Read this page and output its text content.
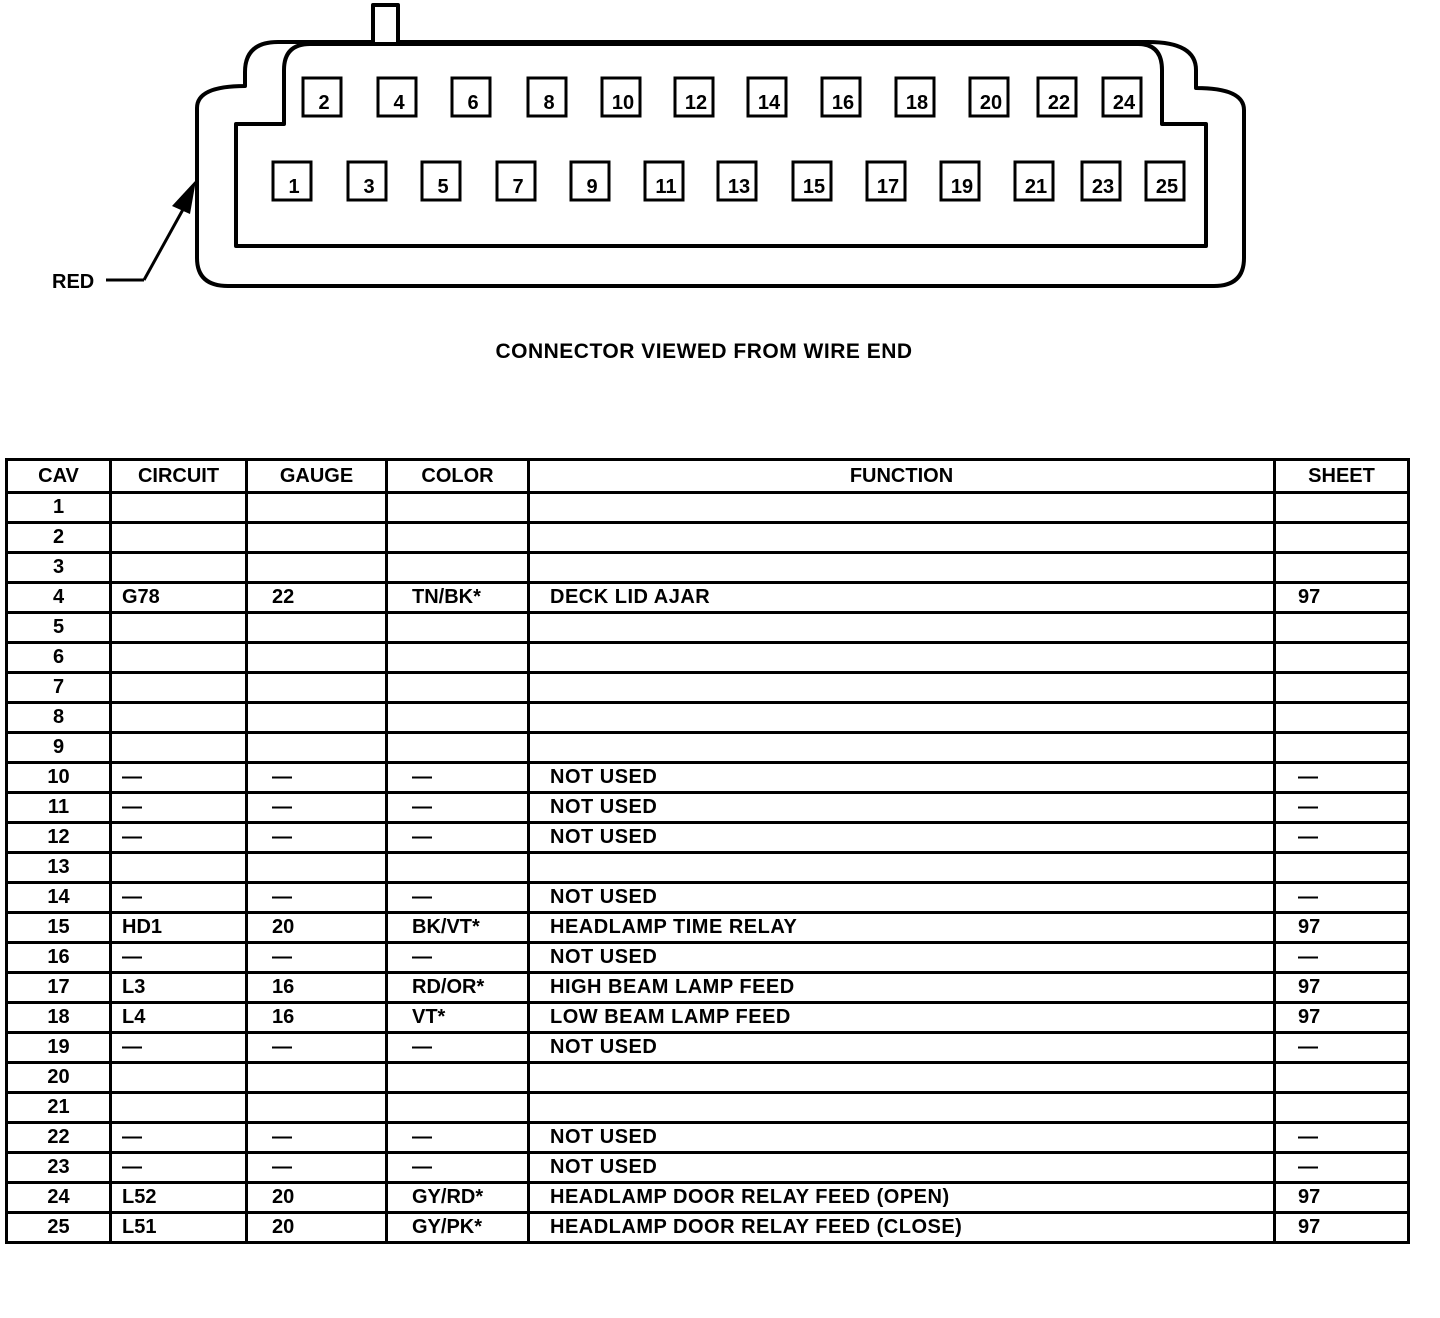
RED
2	4	6	8	10	12	14	16	18	20 22 24
1	3	5	7	9	11	13	15	17	19	21 23 25
CONNECTOR VIEWED FROM WIRE END
CAV	CIRCUIT	GAUGE	COLOR	FUNCTION	SHEET
1					
2					
3					
4	G78	22	TN/BK*	DECK LID AJAR	97
5					
6					
7					
8					
9					
10	—	—	—	NOT USED	—
11	—	—	—	NOT USED	—
12	—	—	—	NOT USED	—
13					
14	—	—	—	NOT USED	—
15	HD1	20	BK/VT*	HEADLAMP TIME RELAY	97
16	—	—	—	NOT USED	—
17	L3	16	RD/OR*	HIGH BEAM LAMP FEED	97
18	L4	16	VT*	LOW BEAM LAMP FEED	97
19	—	—	—	NOT USED	—
20					
21					
22	—	—	—	NOT USED	—
23	—	—	—	NOT USED	—
24	L52	20	GY/RD*	HEADLAMP DOOR RELAY FEED (OPEN)	97
25	L51	20	GY/PK*	HEADLAMP DOOR RELAY FEED (CLOSE)	97
